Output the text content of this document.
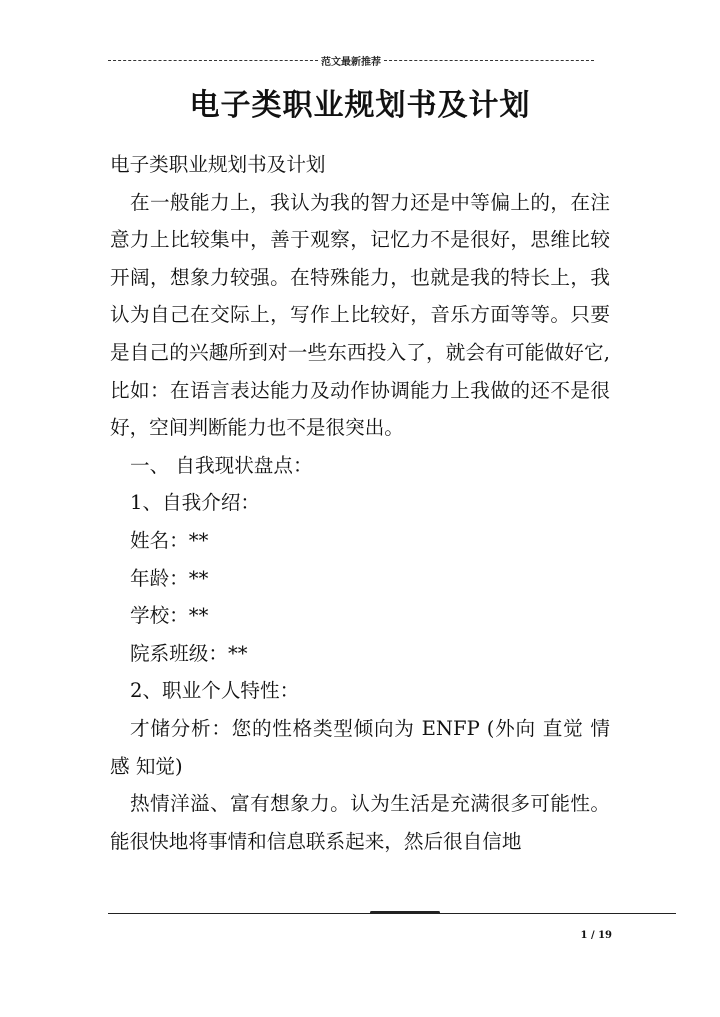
范文最新推荐
电子类职业规划书及计划

电子类职业规划书及计划

在一般能力上，我认为我的智力还是中等偏上的，在注意力上比较集中，善于观察，记忆力不是很好，思维比较开阔，想象力较强。在特殊能力，也就是我的特长上，我认为自己在交际上，写作上比较好，音乐方面等等。只要是自己的兴趣所到对一些东西投入了，就会有可能做好它,比如：在语言表达能力及动作协调能力上我做的还不是很好，空间判断能力也不是很突出。

一、 自我现状盘点：

1、自我介绍：

姓名：**

年龄：**

学校：**

院系班级：**

2、职业个人特性：

才储分析：您的性格类型倾向为 ENFP (外向 直觉 情感 知觉)

热情洋溢、富有想象力。认为生活是充满很多可能性。能很快地将事情和信息联系起来，然后很自信地

1 / 19
